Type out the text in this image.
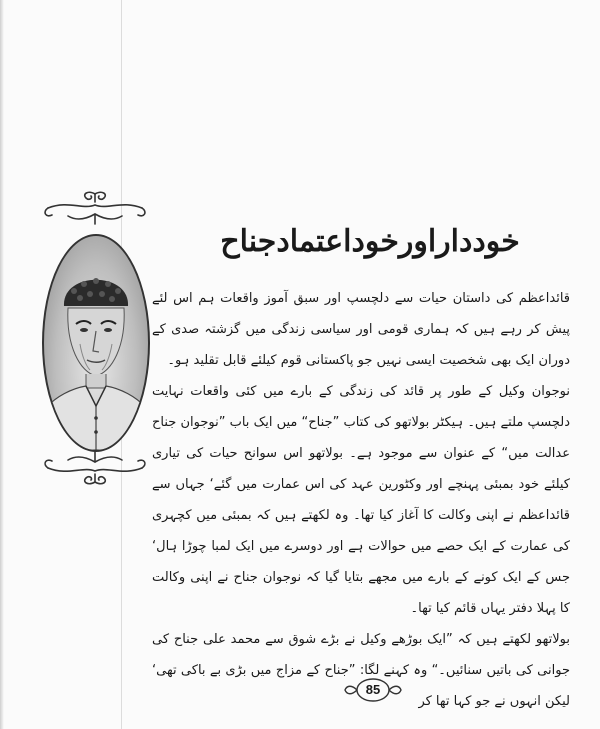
خودداراورخوداعتمادجناح

قائداعظم کی داستان حیات سے دلچسپ اور سبق آموز واقعات ہم اس لئے پیش کر رہے ہیں کہ ہماری قومی اور سیاسی زندگی میں گزشتہ صدی کے دوران ایک بھی شخصیت ایسی نہیں جو پاکستانی قوم کیلئے قابل تقلید ہو۔

نوجوان وکیل کے طور پر قائد کی زندگی کے بارے میں کئی واقعات نہایت دلچسپ ملتے ہیں۔ ہیکٹر بولاتھو کی کتاب ”جناح“ میں ایک باب ”نوجوان جناح عدالت میں“ کے عنوان سے موجود ہے۔ بولاتھو اس سوانح حیات کی تیاری کیلئے خود بمبئی پہنچے اور وکٹورین عہد کی اس عمارت میں گئے‘ جہاں سے قائداعظم نے اپنی وکالت کا آغاز کیا تھا۔ وہ لکھتے ہیں کہ بمبئی میں کچہری کی عمارت کے ایک حصے میں حوالات ہے اور دوسرے میں ایک لمبا چوڑا ہال‘ جس کے ایک کونے کے بارے میں مجھے بتایا گیا کہ نوجوان جناح نے اپنی وکالت کا پہلا دفتر یہاں قائم کیا تھا۔

بولاتھو لکھتے ہیں کہ ”ایک بوڑھے وکیل نے بڑے شوق سے محمد علی جناح کی جوانی کی باتیں سنائیں۔“ وہ کہنے لگا: ”جناح کے مزاج میں بڑی بے باکی تھی‘ لیکن انہوں نے جو کہا تھا کر

85
